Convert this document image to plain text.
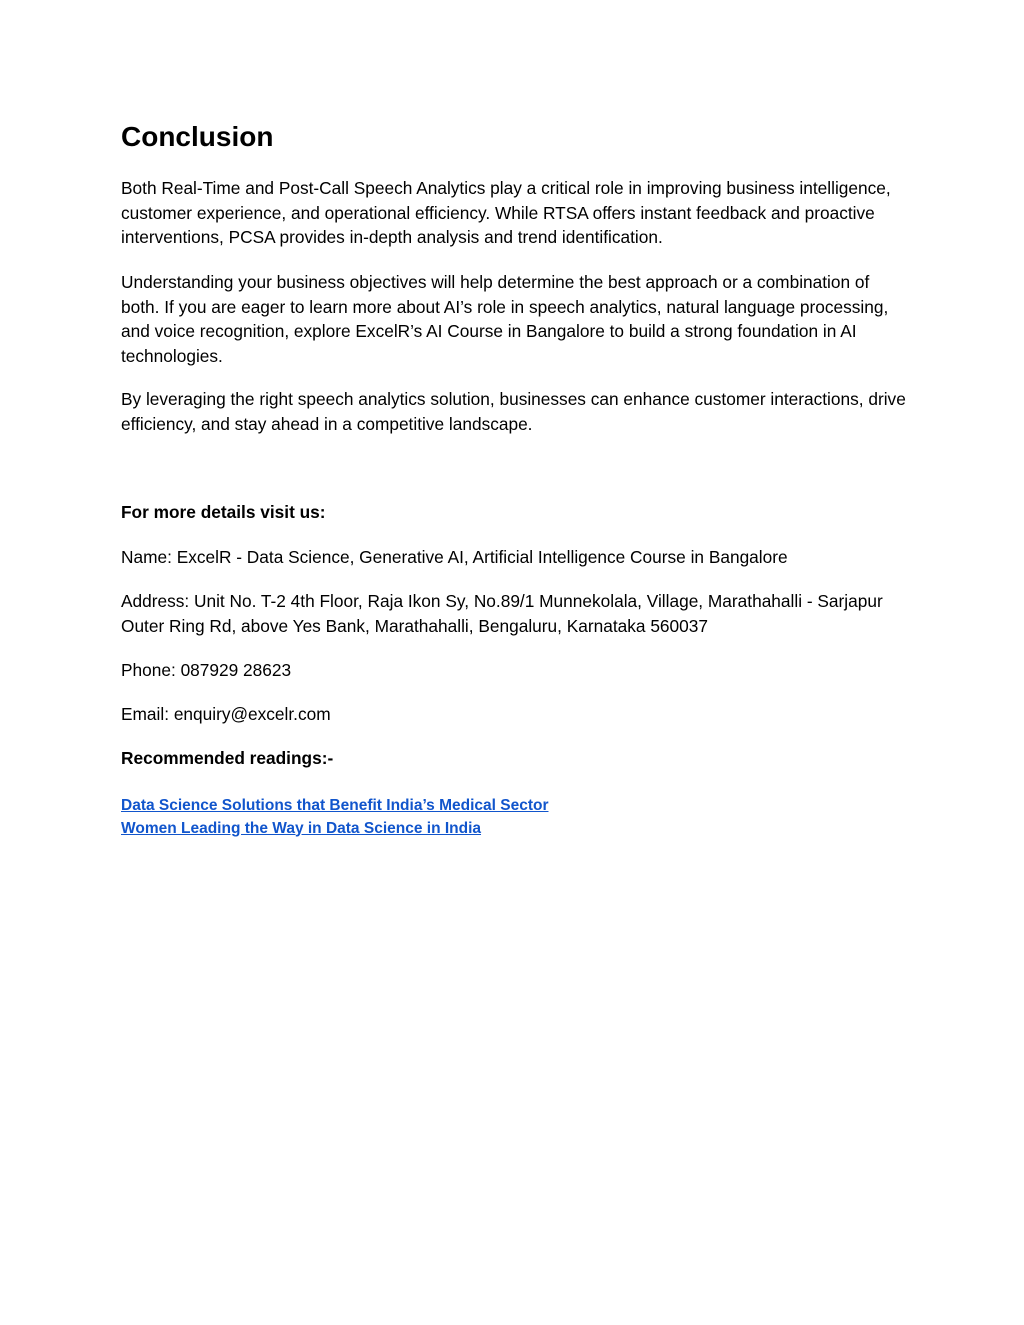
Conclusion

Both Real-Time and Post-Call Speech Analytics play a critical role in improving business intelligence, customer experience, and operational efficiency. While RTSA offers instant feedback and proactive interventions, PCSA provides in-depth analysis and trend identification.

Understanding your business objectives will help determine the best approach or a combination of both. If you are eager to learn more about AI’s role in speech analytics, natural language processing, and voice recognition, explore ExcelR’s AI Course in Bangalore to build a strong foundation in AI technologies.

By leveraging the right speech analytics solution, businesses can enhance customer interactions, drive efficiency, and stay ahead in a competitive landscape.

For more details visit us:

Name: ExcelR - Data Science, Generative AI, Artificial Intelligence Course in Bangalore

Address: Unit No. T-2 4th Floor, Raja Ikon Sy, No.89/1 Munnekolala, Village, Marathahalli - Sarjapur Outer Ring Rd, above Yes Bank, Marathahalli, Bengaluru, Karnataka 560037

Phone: 087929 28623

Email: enquiry@excelr.com

Recommended readings:-

Data Science Solutions that Benefit India’s Medical Sector
Women Leading the Way in Data Science in India
